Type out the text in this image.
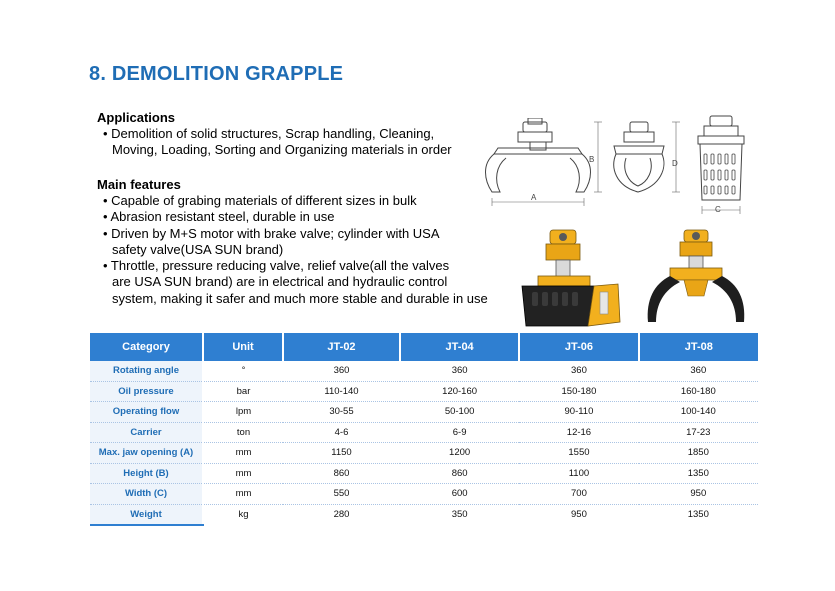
8. DEMOLITION GRAPPLE
Applications
• Demolition of solid structures, Scrap handling, Cleaning,
Moving, Loading, Sorting and Organizing materials in order
Main features
• Capable of grabing materials of different sizes in bulk
• Abrasion resistant steel, durable in use
• Driven by M+S motor with brake valve; cylinder with USA
safety valve(USA SUN brand)
• Throttle, pressure reducing valve, relief valve(all the valves
are USA SUN brand) are in electrical and hydraulic control
system, making it safer and much more stable and durable in use
A
B	D
C
Category	Unit	JT-02	JT-04	JT-06	JT-08
Rotating angle	°	360	360	360	360
Oil pressure	bar	110-140	120-160	150-180	160-180
Operating flow	lpm	30-55	50-100	90-110	100-140
Carrier	ton	4-6	6-9	12-16	17-23
Max. jaw opening (A)	mm	1150	1200	1550	1850
Height (B)	mm	860	860	1100	1350
Width (C)	mm	550	600	700	950
Weight	kg	280	350	950	1350
